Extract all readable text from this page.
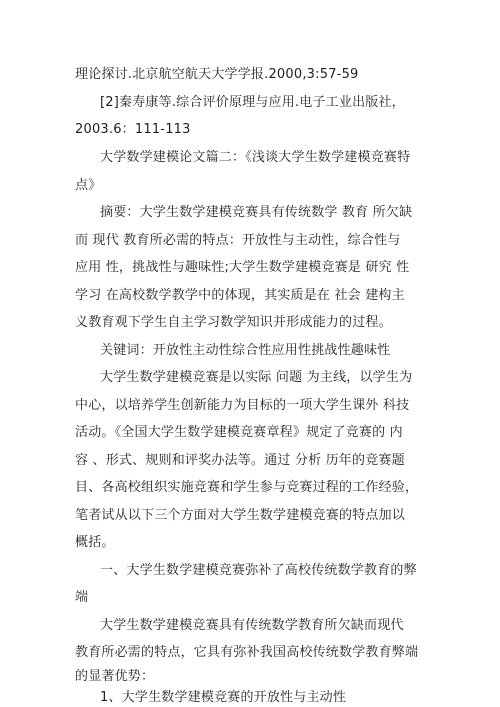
理论探讨.北京航空航天大学学报.2000,3:57-59
[2]秦寿康等.综合评价原理与应用.电子工业出版社，
2003.6：111-113
大学数学建模论文篇二：《浅谈大学生数学建模竞赛特
点》
摘要：大学生数学建模竞赛具有传统数学 教育 所欠缺
而 现代 教育所必需的特点：开放性与主动性，综合性与
应用 性，挑战性与趣味性;大学生数学建模竞赛是 研究 性
学习 在高校数学教学中的体现，其实质是在 社会 建构主
义教育观下学生自主学习数学知识并形成能力的过程。
关键词：开放性主动性综合性应用性挑战性趣味性
大学生数学建模竞赛是以实际 问题 为主线，以学生为
中心，以培养学生创新能力为目标的一项大学生课外 科技
活动。《全国大学生数学建模竞赛章程》规定了竞赛的 内
容 、形式、规则和评奖办法等。通过 分析 历年的竞赛题
目、各高校组织实施竞赛和学生参与竞赛过程的工作经验，
笔者试从以下三个方面对大学生数学建模竞赛的特点加以
概括。
一、大学生数学建模竞赛弥补了高校传统数学教育的弊
端
大学生数学建模竞赛具有传统数学教育所欠缺而现代
教育所必需的特点，它具有弥补我国高校传统数学教育弊端
的显著优势：
1、大学生数学建模竞赛的开放性与主动性
